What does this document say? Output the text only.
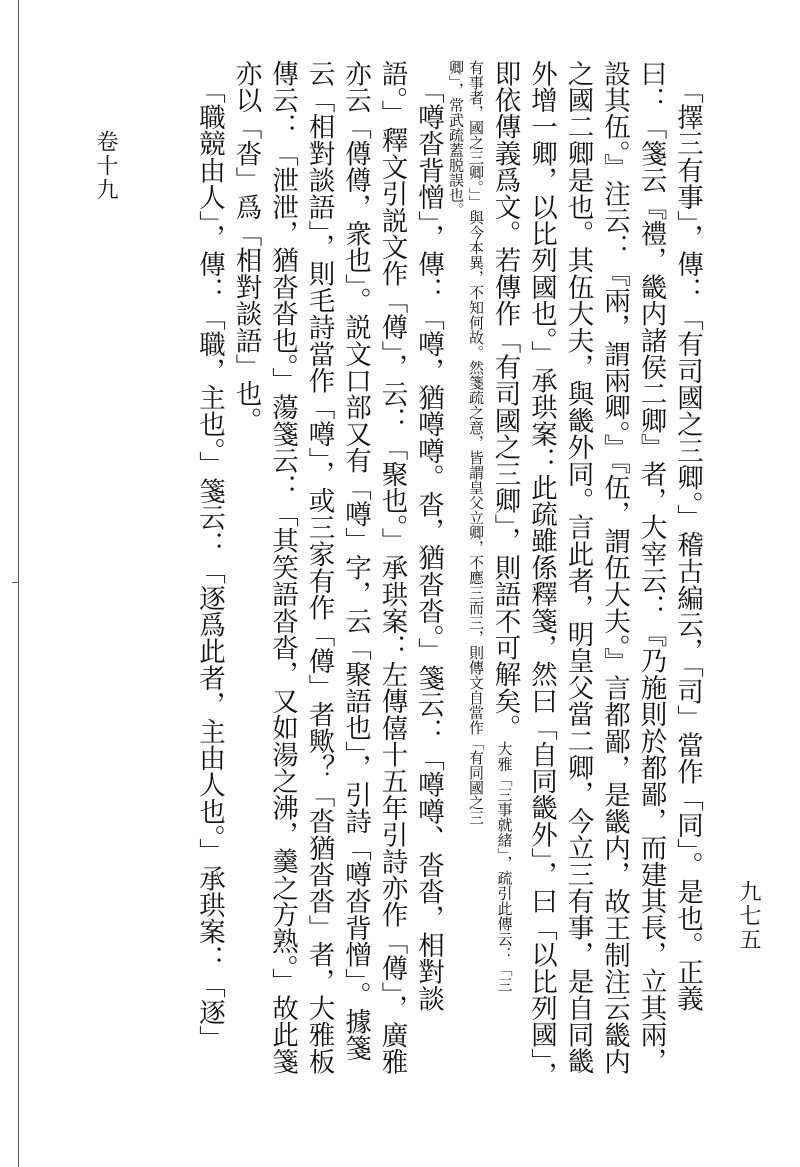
九七五
卷十九	「擇三有事」，傳：「有司國之三卿。」稽古編云，「司」當作「同」。是也。正義
曰：「箋云『禮，畿内諸侯二卿』者，大宰云：『乃施則於都鄙，而建其長，立其兩，
設其伍。』注云：『兩，謂兩卿。』『伍，謂伍大夫。』言都鄙，是畿内，故王制注云畿内
之國二卿是也。其伍大夫，與畿外同。言此者，明皇父當二卿，今立三有事，是自同畿
外增一卿，以比列國也。」承珙案：此疏雖係釋箋，然曰「自同畿外」，曰「以比列國」，
即依傳義爲文。若傳作「有司國之三卿」，則語不可解矣。大雅「三事就緒」，疏引此傳云：「三
有事者，國之三卿。」」與今本異，不知何故。然箋疏之意，皆謂皇父立卿，不應三而三，則傳文自當作「有同國之三
卿」，常武疏蓋脱誤也。
「噂沓背憎」，傳：「噂，猶噂噂。沓，猶沓沓。」箋云：「噂噂、沓沓，相對談
語。」釋文引説文作「僔」，云：「聚也。」承珙案：左傳僖十五年引詩亦作「僔」，廣雅
亦云「僔僔，衆也」。説文口部又有「噂」字，云「聚語也」，引詩「噂沓背憎」。據箋
云「相對談語」，則毛詩當作「噂」，或三家有作「僔」者歟？「沓猶沓沓」者，大雅板
傳云：「泄泄，猶沓沓也。」蕩箋云：「其笑語沓沓，又如湯之沸，羹之方熟。」故此箋
亦以「沓」爲「相對談語」也。
「職競由人」，傳：「職，主也。」箋云：「逐爲此者，主由人也。」承珙案：「逐」
